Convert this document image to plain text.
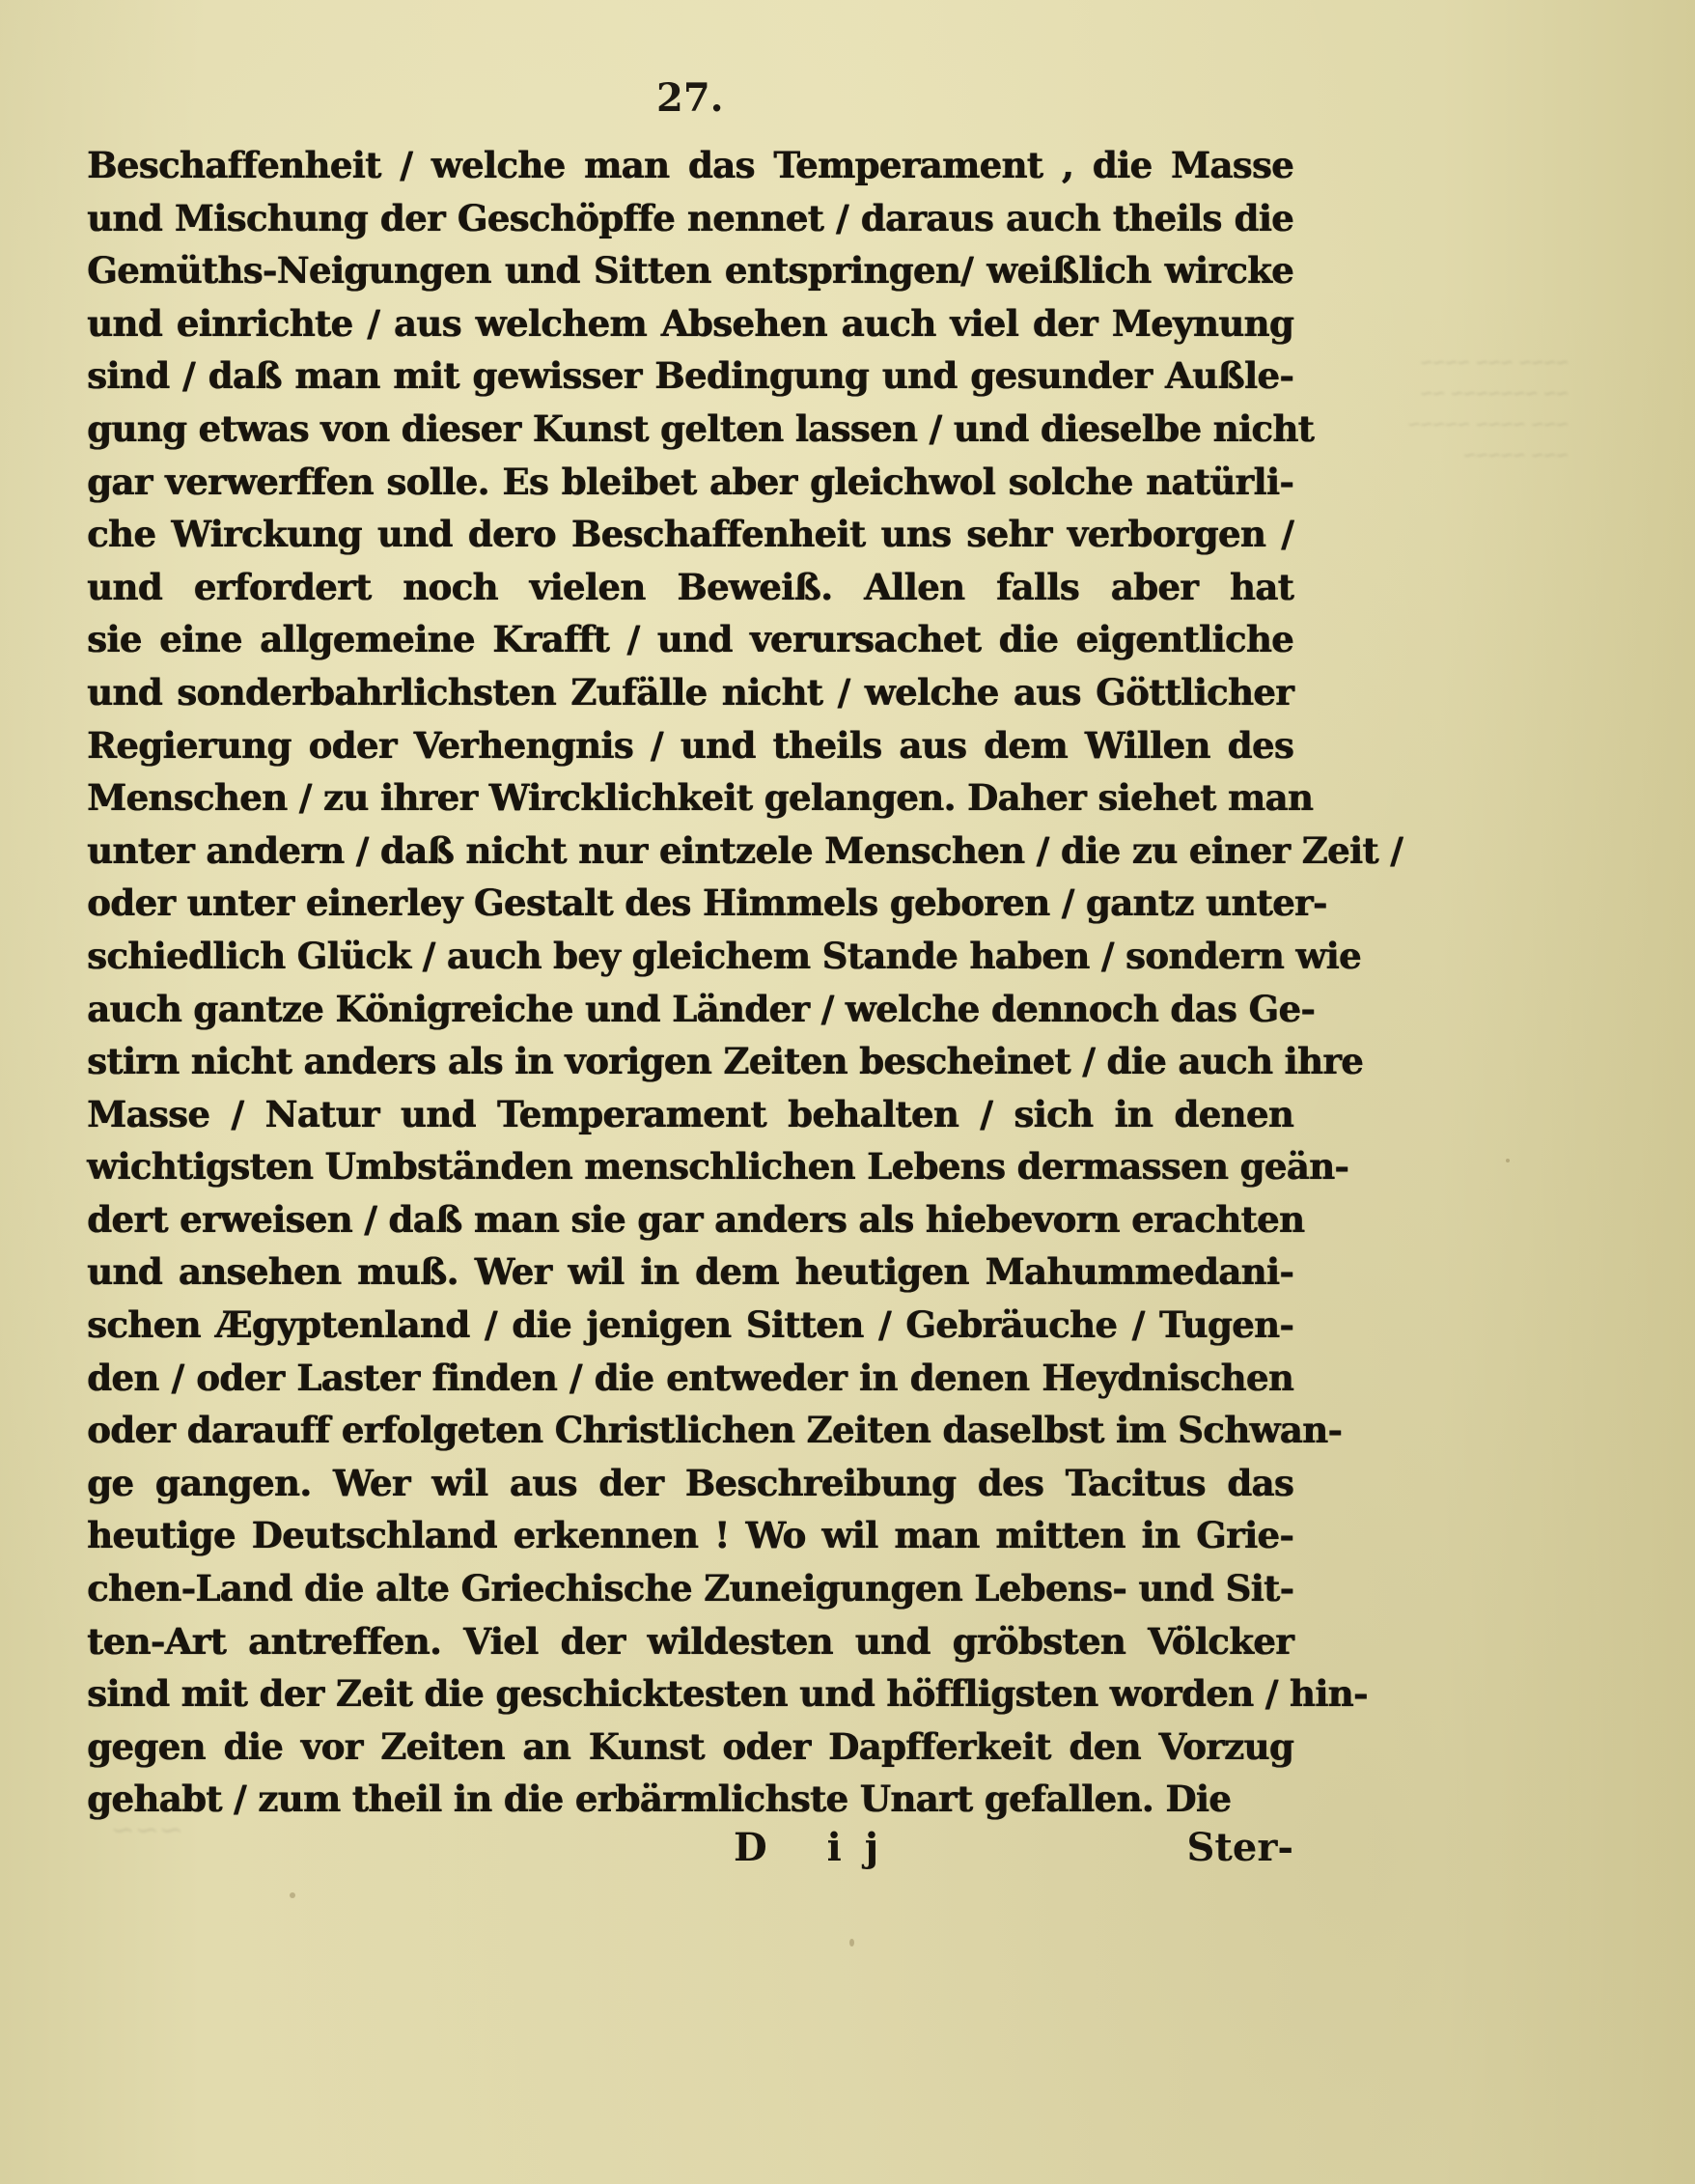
~~~~ ~~~ ~~~~
~~ ~~~~~~~ ~~
~~~ ~~~~ ~~~~~
~~~ ~~~~~
~~~
27.
Beschaffenheit / welche man das Temperament , die Masse
und Mischung der Geschöpffe nennet / daraus auch theils die
Gemüths-Neigungen und Sitten entspringen/ weißlich wircke
und einrichte / aus welchem Absehen auch viel der Meynung
sind / daß man mit gewisser Bedingung und gesunder Außle-
gung etwas von dieser Kunst gelten lassen / und dieselbe nicht
gar verwerffen solle. Es bleibet aber gleichwol solche natürli-
che Wirckung und dero Beschaffenheit uns sehr verborgen /
und erfordert noch vielen Beweiß. Allen falls aber hat
sie eine allgemeine Krafft / und verursachet die eigentliche
und sonderbahrlichsten Zufälle nicht / welche aus Göttlicher
Regierung oder Verhengnis / und theils aus dem Willen des
Menschen / zu ihrer Wircklichkeit gelangen. Daher siehet man
unter andern / daß nicht nur eintzele Menschen / die zu einer Zeit /
oder unter einerley Gestalt des Himmels geboren / gantz unter-
schiedlich Glück / auch bey gleichem Stande haben / sondern wie
auch gantze Königreiche und Länder / welche dennoch das Ge-
stirn nicht anders als in vorigen Zeiten bescheinet / die auch ihre
Masse / Natur und Temperament behalten / sich in denen
wichtigsten Umbständen menschlichen Lebens dermassen geän-
dert erweisen / daß man sie gar anders als hiebevorn erachten
und ansehen muß. Wer wil in dem heutigen Mahummedani-
schen Ægyptenland / die jenigen Sitten / Gebräuche / Tugen-
den / oder Laster finden / die entweder in denen Heydnischen
oder darauff erfolgeten Christlichen Zeiten daselbst im Schwan-
ge gangen. Wer wil aus der Beschreibung des Tacitus das
heutige Deutschland erkennen ! Wo wil man mitten in Grie-
chen-Land die alte Griechische Zuneigungen Lebens- und Sit-
ten-Art antreffen. Viel der wildesten und gröbsten Völcker
sind mit der Zeit die geschicktesten und höffligsten worden / hin-
gegen die vor Zeiten an Kunst oder Dapfferkeit den Vorzug
gehabt / zum theil in die erbärmlichste Unart gefallen. Die
D ij	Ster-
